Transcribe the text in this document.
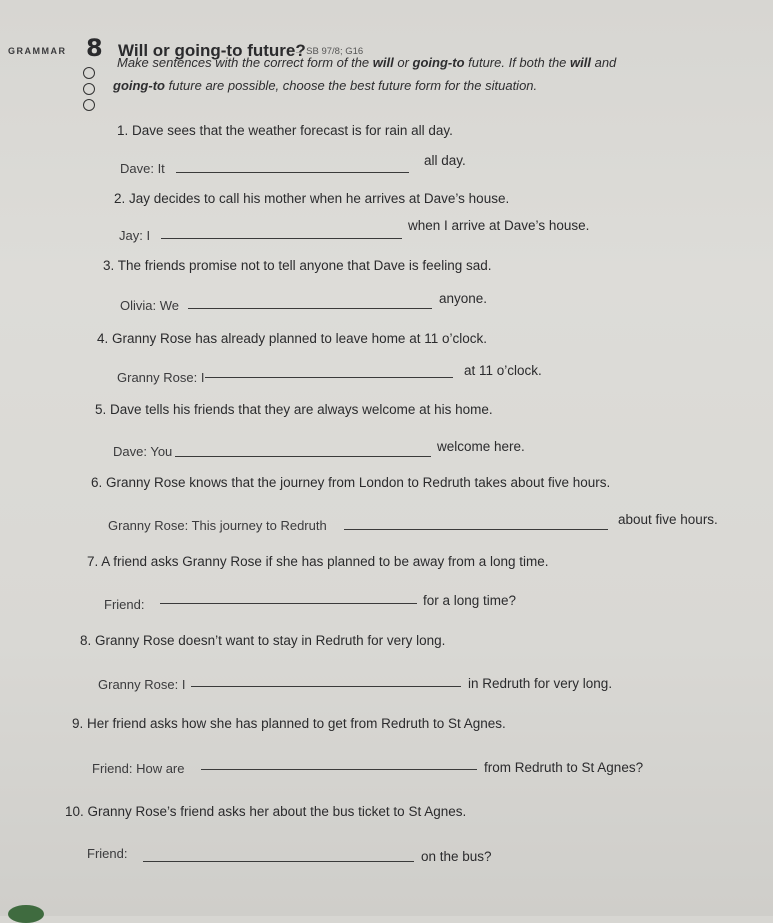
GRAMMAR 8 Will or going-to future?
→ SB 97/8; G16
Make sentences with the correct form of the will or going-to future. If both the will and
going-to future are possible, choose the best future form for the situation.
1. Dave sees that the weather forecast is for rain all day.
Dave: It
all day.
2. Jay decides to call his mother when he arrives at Dave’s house.
Jay: I
when I arrive at Dave’s house.
3. The friends promise not to tell anyone that Dave is feeling sad.
Olivia: We	anyone.
4. Granny Rose has already planned to leave home at 11 o’clock.
Granny Rose: I	at 11 o’clock.
5. Dave tells his friends that they are always welcome at his home.
Dave: You	welcome here.
6. Granny Rose knows that the journey from London to Redruth takes about five hours.
Granny Rose: This journey to Redruth	about five hours.
7. A friend asks Granny Rose if she has planned to be away from a long time.
Friend:	for a long time?
8. Granny Rose doesn’t want to stay in Redruth for very long.
Granny Rose: I	in Redruth for very long.
9. Her friend asks how she has planned to get from Redruth to St Agnes.
Friend: How are	from Redruth to St Agnes?
10. Granny Rose’s friend asks her about the bus ticket to St Agnes.
Friend:	on the bus?
